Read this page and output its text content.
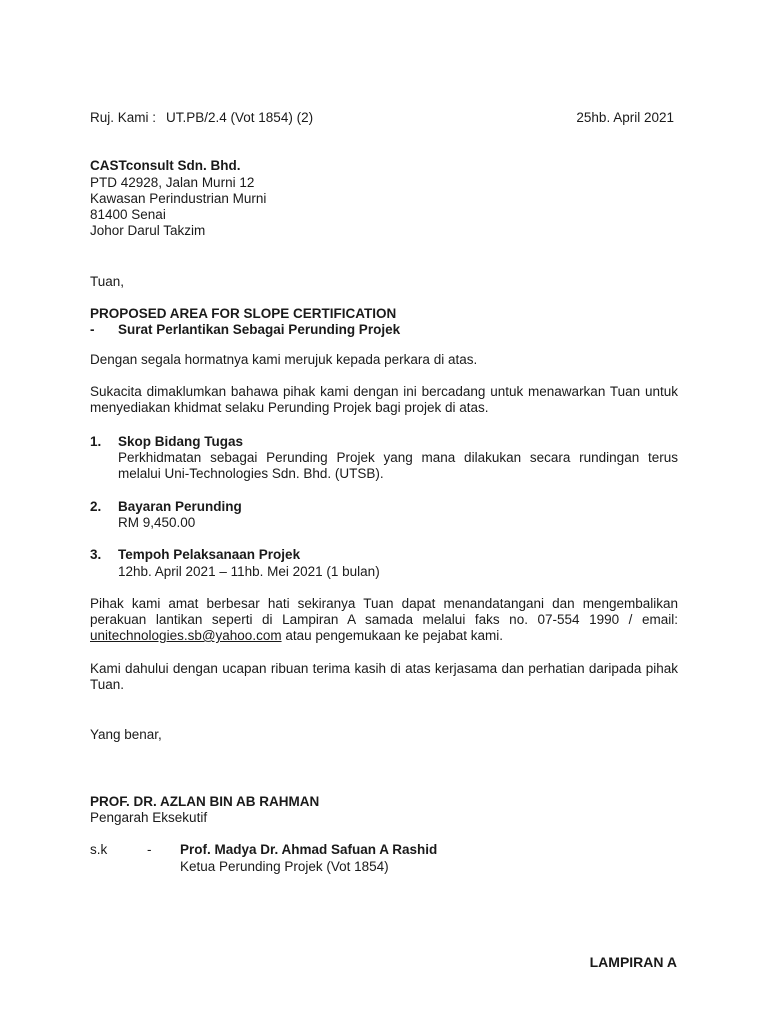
Ruj. Kami : UT.PB/2.4 (Vot 1854) (2)	25hb. April 2021
CASTconsult Sdn. Bhd.
PTD 42928, Jalan Murni 12
Kawasan Perindustrian Murni
81400 Senai
Johor Darul Takzim
Tuan,
PROPOSED AREA FOR SLOPE CERTIFICATION
- Surat Perlantikan Sebagai Perunding Projek
Dengan segala hormatnya kami merujuk kepada perkara di atas.
Sukacita dimaklumkan bahawa pihak kami dengan ini bercadang untuk menawarkan Tuan untuk menyediakan khidmat selaku Perunding Projek bagi projek di atas.
1. Skop Bidang Tugas
Perkhidmatan sebagai Perunding Projek yang mana dilakukan secara rundingan terus melalui Uni-Technologies Sdn. Bhd. (UTSB).
2. Bayaran Perunding
RM 9,450.00
3. Tempoh Pelaksanaan Projek
12hb. April 2021 – 11hb. Mei 2021 (1 bulan)
Pihak kami amat berbesar hati sekiranya Tuan dapat menandatangani dan mengembalikan perakuan lantikan seperti di Lampiran A samada melalui faks no. 07-554 1990 / email: unitechnologies.sb@yahoo.com atau pengemukaan ke pejabat kami.
Kami dahului dengan ucapan ribuan terima kasih di atas kerjasama dan perhatian daripada pihak Tuan.
Yang benar,
PROF. DR. AZLAN BIN AB RAHMAN
Pengarah Eksekutif
s.k	- Prof. Madya Dr. Ahmad Safuan A Rashid
Ketua Perunding Projek (Vot 1854)
LAMPIRAN A
